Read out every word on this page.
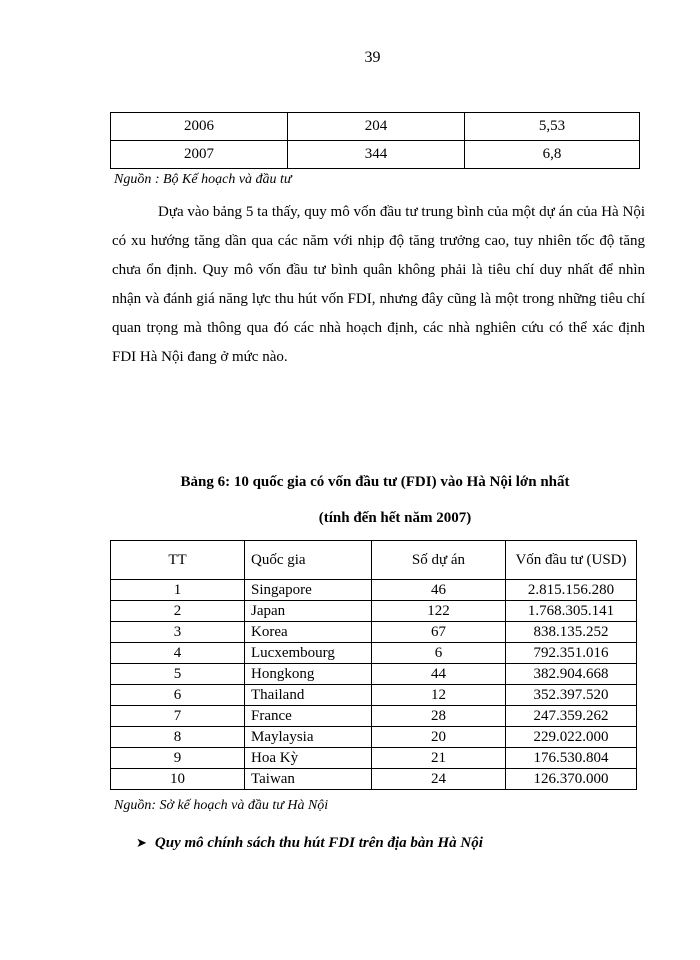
39
2006	204	5,53
2007	344	6,8
Nguồn : Bộ Kế hoạch và đầu tư

Dựa vào bảng 5 ta thấy, quy mô vốn đầu tư trung bình của một dự án của Hà Nội có xu hướng tăng dần qua các năm với nhịp độ tăng trưởng cao, tuy nhiên tốc độ tăng chưa ổn định. Quy mô vốn đầu tư bình quân không phải là tiêu chí duy nhất để nhìn nhận và đánh giá năng lực thu hút vốn FDI, nhưng đây cũng là một trong những tiêu chí quan trọng mà thông qua đó các nhà hoạch định, các nhà nghiên cứu có thể xác định FDI Hà Nội đang ở mức nào.

Bảng 6: 10 quốc gia có vốn đầu tư (FDI) vào Hà Nội lớn nhất
(tính đến hết năm 2007)
TT	Quốc gia	Số dự án	Vốn đầu tư (USD)
1	Singapore	46	2.815.156.280
2	Japan	122	1.768.305.141
3	Korea	67	838.135.252
4	Lucxembourg	6	792.351.016
5	Hongkong	44	382.904.668
6	Thailand	12	352.397.520
7	France	28	247.359.262
8	Maylaysia	20	229.022.000
9	Hoa Kỳ	21	176.530.804
10	Taiwan	24	126.370.000
Nguồn: Sở kế hoạch và đầu tư Hà Nội
➤ Quy mô chính sách thu hút FDI trên địa bàn Hà Nội
